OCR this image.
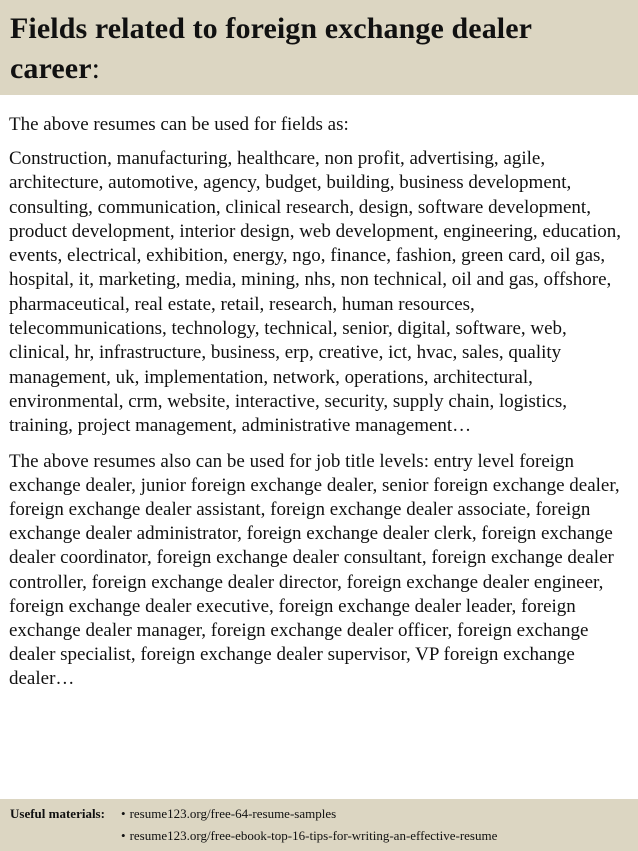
Fields related to foreign exchange dealer career:

The above resumes can be used for fields as:

Construction, manufacturing, healthcare, non profit, advertising, agile, architecture, automotive, agency, budget, building, business development, consulting, communication, clinical research, design, software development, product development, interior design, web development, engineering, education, events, electrical, exhibition, energy, ngo, finance, fashion, green card, oil gas, hospital, it, marketing, media, mining, nhs, non technical, oil and gas, offshore, pharmaceutical, real estate, retail, research, human resources, telecommunications, technology, technical, senior, digital, software, web, clinical, hr, infrastructure, business, erp, creative, ict, hvac, sales, quality management, uk, implementation, network, operations, architectural, environmental, crm, website, interactive, security, supply chain, logistics, training, project management, administrative management…

The above resumes also can be used for job title levels: entry level foreign exchange dealer, junior foreign exchange dealer, senior foreign exchange dealer, foreign exchange dealer assistant, foreign exchange dealer associate, foreign exchange dealer administrator, foreign exchange dealer clerk, foreign exchange dealer coordinator, foreign exchange dealer consultant, foreign exchange dealer controller, foreign exchange dealer director, foreign exchange dealer engineer, foreign exchange dealer executive, foreign exchange dealer leader, foreign exchange dealer manager, foreign exchange dealer officer, foreign exchange dealer specialist, foreign exchange dealer supervisor, VP foreign exchange dealer…

Useful materials:	• resume123.org/free-64-resume-samples
• resume123.org/free-ebook-top-16-tips-for-writing-an-effective-resume
